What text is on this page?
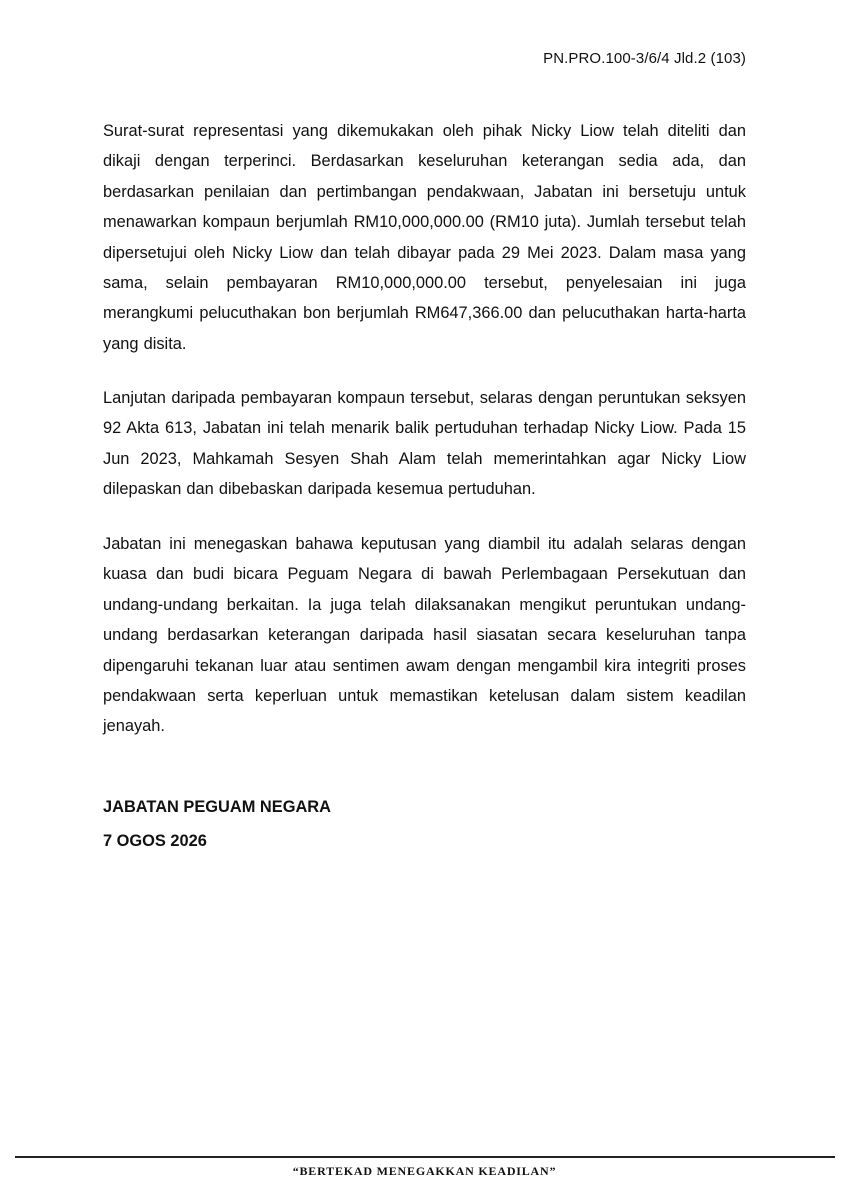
PN.PRO.100-3/6/4 Jld.2 (103)

Surat-surat representasi yang dikemukakan oleh pihak Nicky Liow telah diteliti dan dikaji dengan terperinci. Berdasarkan keseluruhan keterangan sedia ada, dan berdasarkan penilaian dan pertimbangan pendakwaan, Jabatan ini bersetuju untuk menawarkan kompaun berjumlah RM10,000,000.00 (RM10 juta). Jumlah tersebut telah dipersetujui oleh Nicky Liow dan telah dibayar pada 29 Mei 2023. Dalam masa yang sama, selain pembayaran RM10,000,000.00 tersebut, penyelesaian ini juga merangkumi pelucuthakan bon berjumlah RM647,366.00 dan pelucuthakan harta-harta yang disita.

Lanjutan daripada pembayaran kompaun tersebut, selaras dengan peruntukan seksyen 92 Akta 613, Jabatan ini telah menarik balik pertuduhan terhadap Nicky Liow. Pada 15 Jun 2023, Mahkamah Sesyen Shah Alam telah memerintahkan agar Nicky Liow dilepaskan dan dibebaskan daripada kesemua pertuduhan.

Jabatan ini menegaskan bahawa keputusan yang diambil itu adalah selaras dengan kuasa dan budi bicara Peguam Negara di bawah Perlembagaan Persekutuan dan undang-undang berkaitan. Ia juga telah dilaksanakan mengikut peruntukan undang-undang berdasarkan keterangan daripada hasil siasatan secara keseluruhan tanpa dipengaruhi tekanan luar atau sentimen awam dengan mengambil kira integriti proses pendakwaan serta keperluan untuk memastikan ketelusan dalam sistem keadilan jenayah.

JABATAN PEGUAM NEGARA
7 OGOS 2026
“BERTEKAD MENEGAKKAN KEADILAN”
